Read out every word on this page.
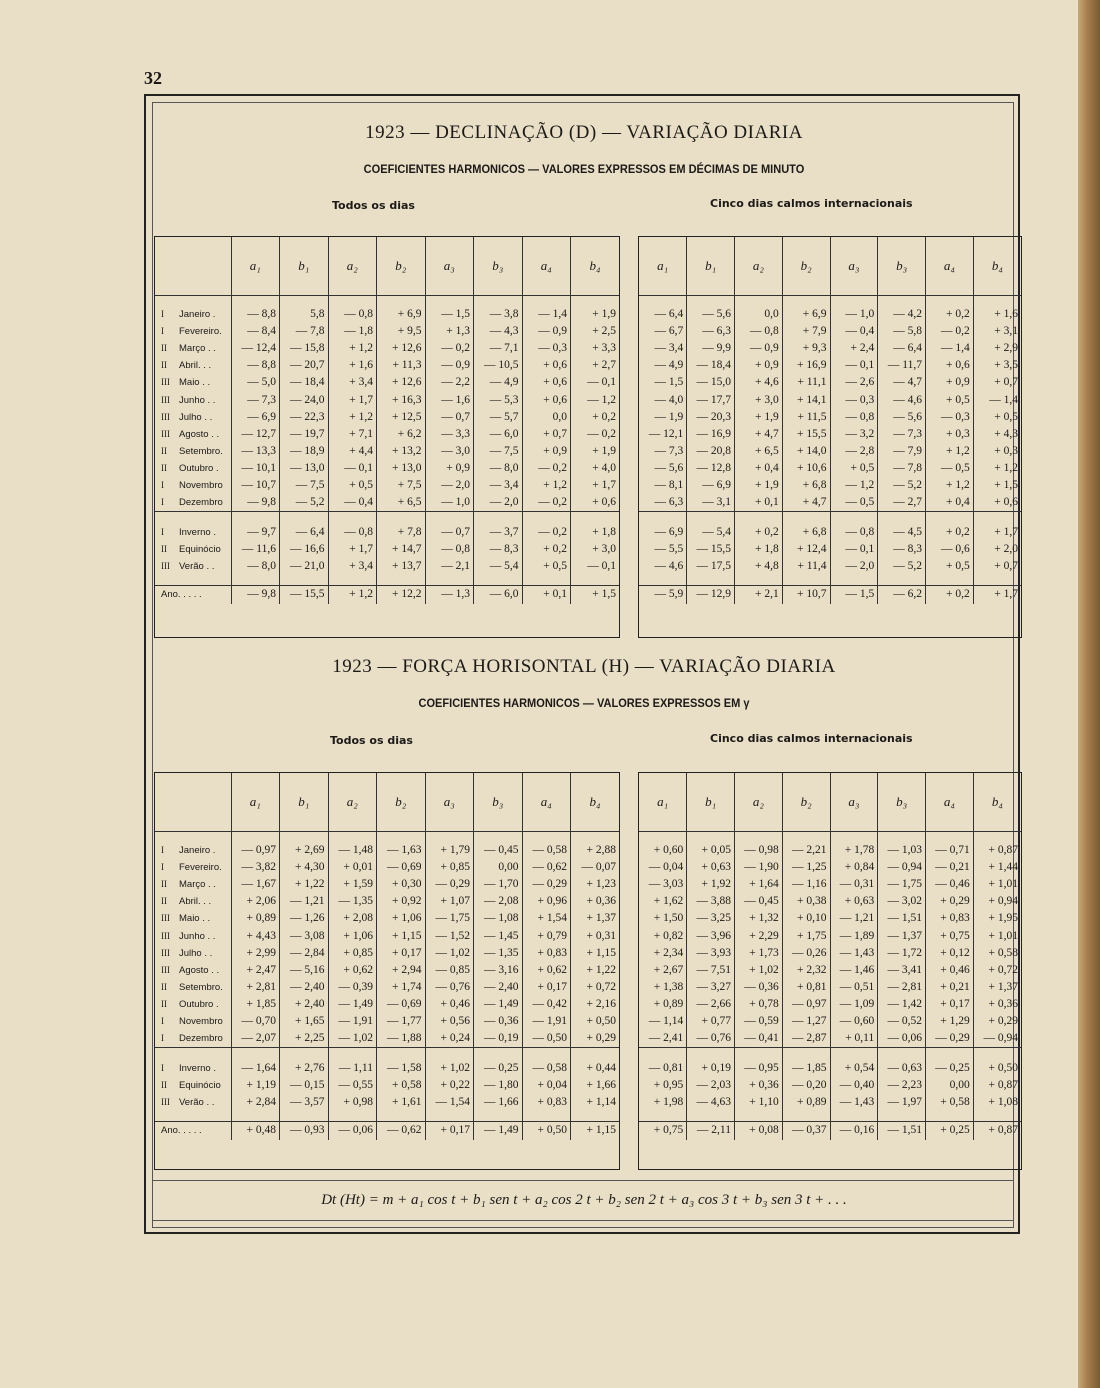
32
1923 — DECLINAÇÃO (D) — VARIAÇÃO DIARIA
COEFICIENTES HARMONICOS — VALORES EXPRESSOS EM DÉCIMAS DE MINUTO
Todos os dias	Cinco dias calmos internacionais
	a₁	b₁	a₂	b₂	a₃	b₃	a₄	b₄

I Janeiro .	— 8,8	5,8	— 0,8	+ 6,9	— 1,5	— 3,8	— 1,4	+ 1,9
I Fevereiro.	— 8,4	— 7,8	— 1,8	+ 9,5	+ 1,3	— 4,3	— 0,9	+ 2,5
II Março . .	— 12,4	— 15,8	+ 1,2	+ 12,6	— 0,2	— 7,1	— 0,3	+ 3,3
II Abril. . .	— 8,8	— 20,7	+ 1,6	+ 11,3	— 0,9	— 10,5	+ 0,6	+ 2,7
III Maio . .	— 5,0	— 18,4	+ 3,4	+ 12,6	— 2,2	— 4,9	+ 0,6	— 0,1
III Junho . .	— 7,3	— 24,0	+ 1,7	+ 16,3	— 1,6	— 5,3	+ 0,6	— 1,2
III Julho . .	— 6,9	— 22,3	+ 1,2	+ 12,5	— 0,7	— 5,7	0,0	+ 0,2
III Agosto . .	— 12,7	— 19,7	+ 7,1	+ 6,2	— 3,3	— 6,0	+ 0,7	— 0,2
II Setembro.	— 13,3	— 18,9	+ 4,4	+ 13,2	— 3,0	— 7,5	+ 0,9	+ 1,9
II Outubro .	— 10,1	— 13,0	— 0,1	+ 13,0	+ 0,9	— 8,0	— 0,2	+ 4,0
I Novembro	— 10,7	— 7,5	+ 0,5	+ 7,5	— 2,0	— 3,4	+ 1,2	+ 1,7
I Dezembro	— 9,8	— 5,2	— 0,4	+ 6,5	— 1,0	— 2,0	— 0,2	+ 0,6

I Inverno .	— 9,7	— 6,4	— 0,8	+ 7,8	— 0,7	— 3,7	— 0,2	+ 1,8
II Equinócio	— 11,6	— 16,6	+ 1,7	+ 14,7	— 0,8	— 8,3	+ 0,2	+ 3,0
III Verão . .	— 8,0	— 21,0	+ 3,4	+ 13,7	— 2,1	— 5,4	+ 0,5	— 0,1

Ano. . . . .	— 9,8	— 15,5	+ 1,2	+ 12,2	— 1,3	— 6,0	+ 0,1	+ 1,5
a₁	b₁	a₂	b₂	a₃	b₃	a₄	b₄

— 6,4	— 5,6	0,0	+ 6,9	— 1,0	— 4,2	+ 0,2	+ 1,6
— 6,7	— 6,3	— 0,8	+ 7,9	— 0,4	— 5,8	— 0,2	+ 3,1
— 3,4	— 9,9	— 0,9	+ 9,3	+ 2,4	— 6,4	— 1,4	+ 2,9
— 4,9	— 18,4	+ 0,9	+ 16,9	— 0,1	— 11,7	+ 0,6	+ 3,5
— 1,5	— 15,0	+ 4,6	+ 11,1	— 2,6	— 4,7	+ 0,9	+ 0,7
— 4,0	— 17,7	+ 3,0	+ 14,1	— 0,3	— 4,6	+ 0,5	— 1,4
— 1,9	— 20,3	+ 1,9	+ 11,5	— 0,8	— 5,6	— 0,3	+ 0,5
— 12,1	— 16,9	+ 4,7	+ 15,5	— 3,2	— 7,3	+ 0,3	+ 4,3
— 7,3	— 20,8	+ 6,5	+ 14,0	— 2,8	— 7,9	+ 1,2	+ 0,3
— 5,6	— 12,8	+ 0,4	+ 10,6	+ 0,5	— 7,8	— 0,5	+ 1,2
— 8,1	— 6,9	+ 1,9	+ 6,8	— 1,2	— 5,2	+ 1,2	+ 1,5
— 6,3	— 3,1	+ 0,1	+ 4,7	— 0,5	— 2,7	+ 0,4	+ 0,6

— 6,9	— 5,4	+ 0,2	+ 6,8	— 0,8	— 4,5	+ 0,2	+ 1,7
— 5,5	— 15,5	+ 1,8	+ 12,4	— 0,1	— 8,3	— 0,6	+ 2,0
— 4,6	— 17,5	+ 4,8	+ 11,4	— 2,0	— 5,2	+ 0,5	+ 0,7

— 5,9	— 12,9	+ 2,1	+ 10,7	— 1,5	— 6,2	+ 0,2	+ 1,7
1923 — FORÇA HORISONTAL (H) — VARIAÇÃO DIARIA
COEFICIENTES HARMONICOS — VALORES EXPRESSOS EM γ
Todos os dias	Cinco dias calmos internacionais
	a₁	b₁	a₂	b₂	a₃	b₃	a₄	b₄

I Janeiro .	— 0,97	+ 2,69	— 1,48	— 1,63	+ 1,79	— 0,45	— 0,58	+ 2,88
I Fevereiro.	— 3,82	+ 4,30	+ 0,01	— 0,69	+ 0,85	0,00	— 0,62	— 0,07
II Março . .	— 1,67	+ 1,22	+ 1,59	+ 0,30	— 0,29	— 1,70	— 0,29	+ 1,23
II Abril. . .	+ 2,06	— 1,21	— 1,35	+ 0,92	+ 1,07	— 2,08	+ 0,96	+ 0,36
III Maio . .	+ 0,89	— 1,26	+ 2,08	+ 1,06	— 1,75	— 1,08	+ 1,54	+ 1,37
III Junho . .	+ 4,43	— 3,08	+ 1,06	+ 1,15	— 1,52	— 1,45	+ 0,79	+ 0,31
III Julho . .	+ 2,99	— 2,84	+ 0,85	+ 0,17	— 1,02	— 1,35	+ 0,83	+ 1,15
III Agosto . .	+ 2,47	— 5,16	+ 0,62	+ 2,94	— 0,85	— 3,16	+ 0,62	+ 1,22
II Setembro.	+ 2,81	— 2,40	— 0,39	+ 1,74	— 0,76	— 2,40	+ 0,17	+ 0,72
II Outubro .	+ 1,85	+ 2,40	— 1,49	— 0,69	+ 0,46	— 1,49	— 0,42	+ 2,16
I Novembro	— 0,70	+ 1,65	— 1,91	— 1,77	+ 0,56	— 0,36	— 1,91	+ 0,50
I Dezembro	— 2,07	+ 2,25	— 1,02	— 1,88	+ 0,24	— 0,19	— 0,50	+ 0,29

I Inverno .	— 1,64	+ 2,76	— 1,11	— 1,58	+ 1,02	— 0,25	— 0,58	+ 0,44
II Equinócio	+ 1,19	— 0,15	— 0,55	+ 0,58	+ 0,22	— 1,80	+ 0,04	+ 1,66
III Verão . .	+ 2,84	— 3,57	+ 0,98	+ 1,61	— 1,54	— 1,66	+ 0,83	+ 1,14

Ano. . . . .	+ 0,48	— 0,93	— 0,06	— 0,62	+ 0,17	— 1,49	+ 0,50	+ 1,15
a₁	b₁	a₂	b₂	a₃	b₃	a₄	b₄

+ 0,60	+ 0,05	— 0,98	— 2,21	+ 1,78	— 1,03	— 0,71	+ 0,87
— 0,04	+ 0,63	— 1,90	— 1,25	+ 0,84	— 0,94	— 0,21	+ 1,44
— 3,03	+ 1,92	+ 1,64	— 1,16	— 0,31	— 1,75	— 0,46	+ 1,01
+ 1,62	— 3,88	— 0,45	+ 0,38	+ 0,63	— 3,02	+ 0,29	+ 0,94
+ 1,50	— 3,25	+ 1,32	+ 0,10	— 1,21	— 1,51	+ 0,83	+ 1,95
+ 0,82	— 3,96	+ 2,29	+ 1,75	— 1,89	— 1,37	+ 0,75	+ 1,01
+ 2,34	— 3,93	+ 1,73	— 0,26	— 1,43	— 1,72	+ 0,12	+ 0,58
+ 2,67	— 7,51	+ 1,02	+ 2,32	— 1,46	— 3,41	+ 0,46	+ 0,72
+ 1,38	— 3,27	— 0,36	+ 0,81	— 0,51	— 2,81	+ 0,21	+ 1,37
+ 0,89	— 2,66	+ 0,78	— 0,97	— 1,09	— 1,42	+ 0,17	+ 0,36
— 1,14	+ 0,77	— 0,59	— 1,27	— 0,60	— 0,52	+ 1,29	+ 0,29
— 2,41	— 0,76	— 0,41	— 2,87	+ 0,11	— 0,06	— 0,29	— 0,94

— 0,81	+ 0,19	— 0,95	— 1,85	+ 0,54	— 0,63	— 0,25	+ 0,50
+ 0,95	— 2,03	+ 0,36	— 0,20	— 0,40	— 2,23	0,00	+ 0,87
+ 1,98	— 4,63	+ 1,10	+ 0,89	— 1,43	— 1,97	+ 0,58	+ 1,08

+ 0,75	— 2,11	+ 0,08	— 0,37	— 0,16	— 1,51	+ 0,25	+ 0,87
Dt (Ht) = m + a₁ cos t + b₁ sen t + a₂ cos 2 t + b₂ sen 2 t + a₃ cos 3 t + b₃ sen 3 t + . . .
